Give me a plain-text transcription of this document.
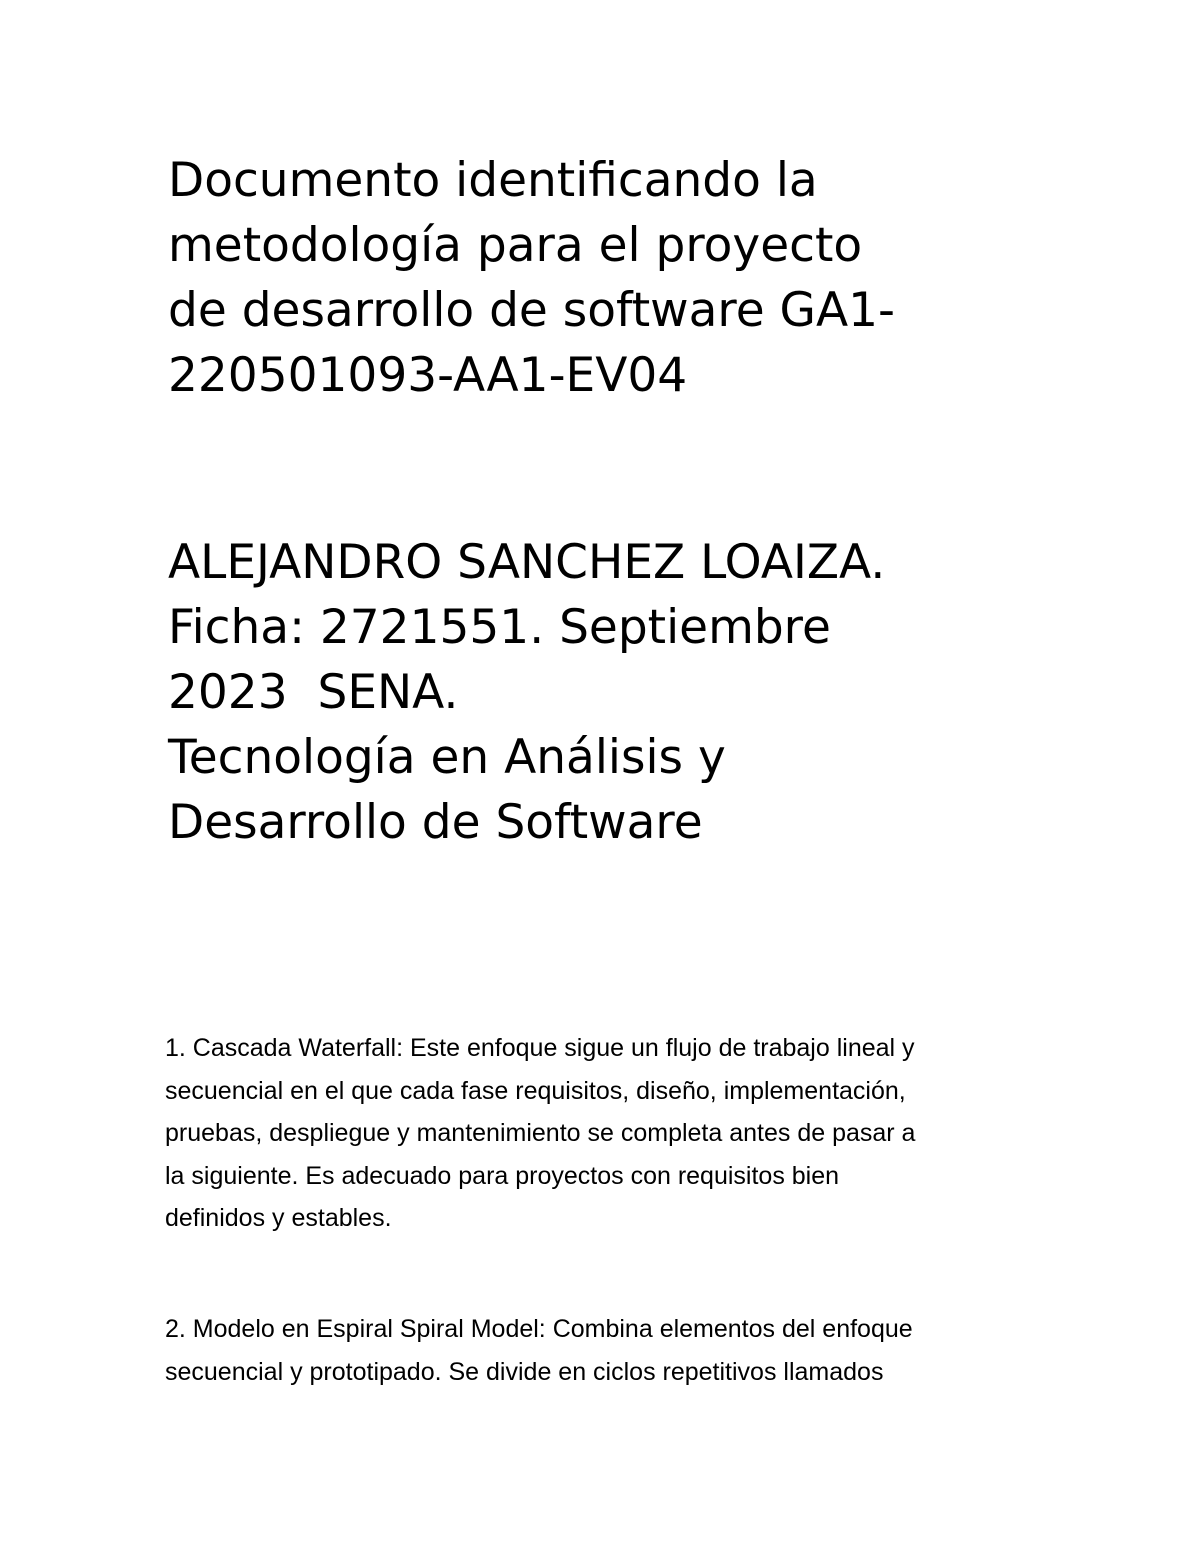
Documento identificando la
metodología para el proyecto
de desarrollo de software GA1-
220501093-AA1-EV04
ALEJANDRO SANCHEZ LOAIZA.
Ficha: 2721551. Septiembre
2023  SENA.
Tecnología en Análisis y
Desarrollo de Software
1. Cascada Waterfall: Este enfoque sigue un flujo de trabajo lineal y
secuencial en el que cada fase requisitos, diseño, implementación,
pruebas, despliegue y mantenimiento se completa antes de pasar a
la siguiente. Es adecuado para proyectos con requisitos bien
definidos y estables.
2. Modelo en Espiral Spiral Model: Combina elementos del enfoque
secuencial y prototipado. Se divide en ciclos repetitivos llamados
